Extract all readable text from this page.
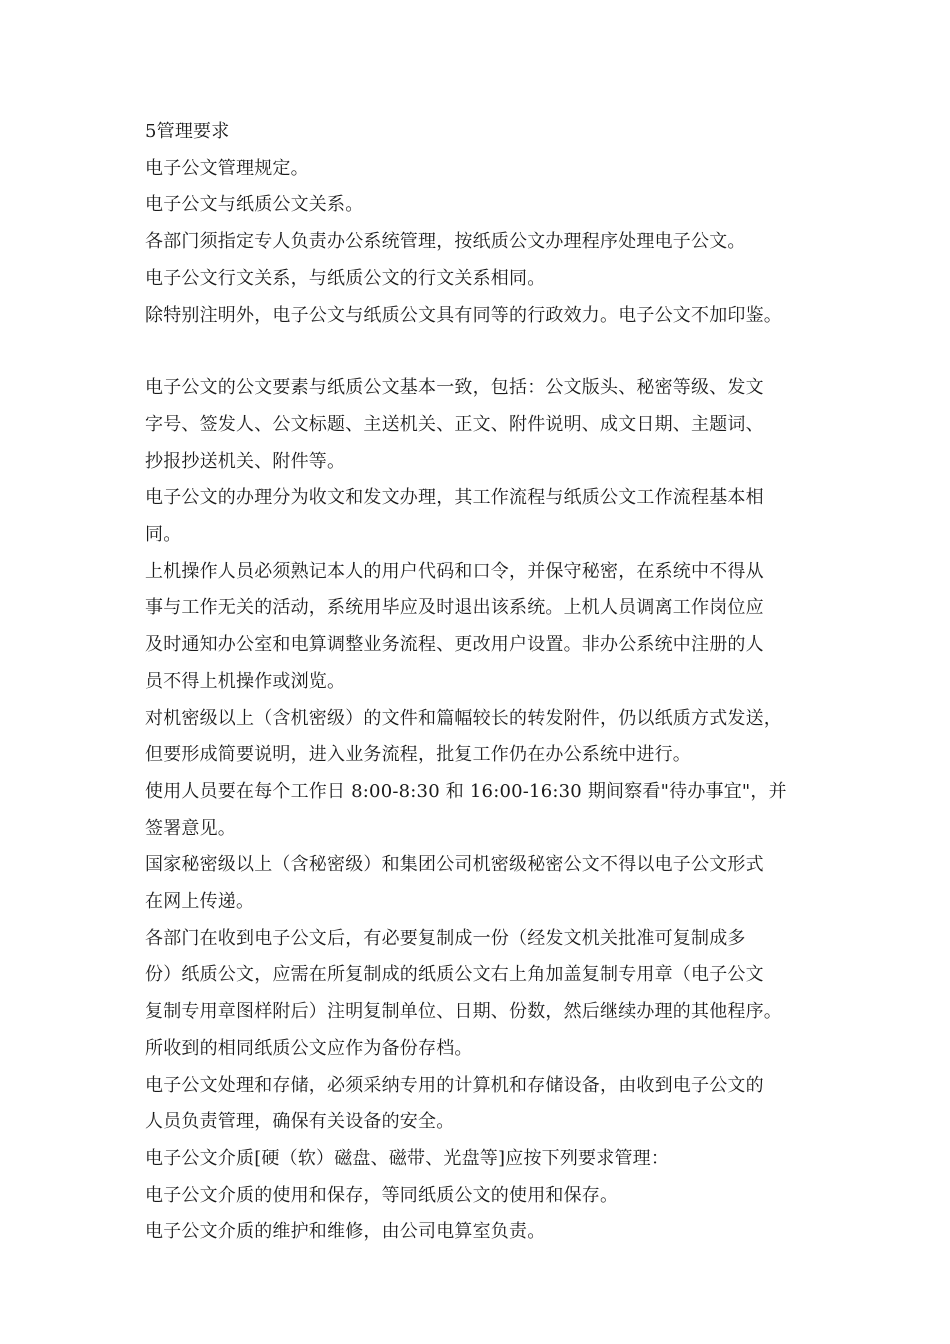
5管理要求

电子公文管理规定。

电子公文与纸质公文关系。

各部门须指定专人负责办公系统管理，按纸质公文办理程序处理电子公文。

电子公文行文关系，与纸质公文的行文关系相同。

除特别注明外，电子公文与纸质公文具有同等的行政效力。电子公文不加印鉴。

电子公文的公文要素与纸质公文基本一致，包括：公文版头、秘密等级、发文

字号、签发人、公文标题、主送机关、正文、附件说明、成文日期、主题词、

抄报抄送机关、附件等。

电子公文的办理分为收文和发文办理，其工作流程与纸质公文工作流程基本相

同。

上机操作人员必须熟记本人的用户代码和口令，并保守秘密，在系统中不得从

事与工作无关的活动，系统用毕应及时退出该系统。上机人员调离工作岗位应

及时通知办公室和电算调整业务流程、更改用户设置。非办公系统中注册的人

员不得上机操作或浏览。

对机密级以上（含机密级）的文件和篇幅较长的转发附件，仍以纸质方式发送，

但要形成简要说明，进入业务流程，批复工作仍在办公系统中进行。

使用人员要在每个工作日 8:00-8:30 和 16:00-16:30 期间察看"待办事宜"，并

签署意见。

国家秘密级以上（含秘密级）和集团公司机密级秘密公文不得以电子公文形式

在网上传递。

各部门在收到电子公文后，有必要复制成一份（经发文机关批准可复制成多

份）纸质公文，应需在所复制成的纸质公文右上角加盖复制专用章（电子公文

复制专用章图样附后）注明复制单位、日期、份数，然后继续办理的其他程序。

所收到的相同纸质公文应作为备份存档。

电子公文处理和存储，必须采纳专用的计算机和存储设备，由收到电子公文的

人员负责管理，确保有关设备的安全。

电子公文介质[硬（软）磁盘、磁带、光盘等]应按下列要求管理：

电子公文介质的使用和保存，等同纸质公文的使用和保存。

电子公文介质的维护和维修，由公司电算室负责。
